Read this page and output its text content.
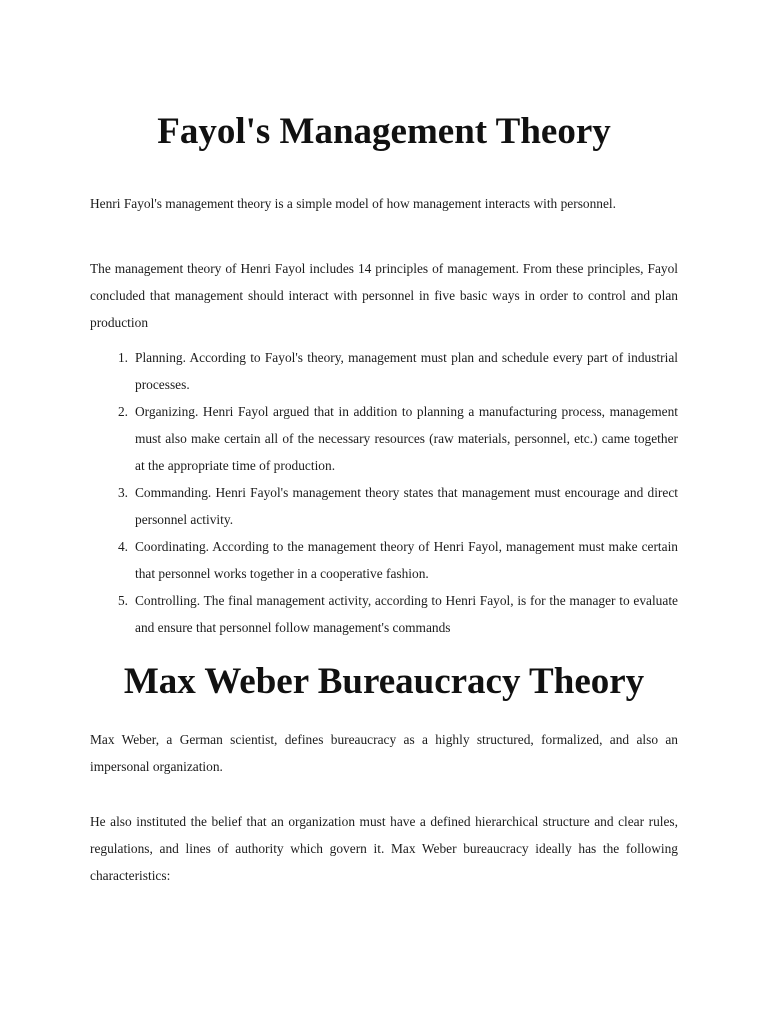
Fayol's Management Theory

Henri Fayol's management theory is a simple model of how management interacts with personnel.

The management theory of Henri Fayol includes 14 principles of management. From these principles, Fayol concluded that management should interact with personnel in five basic ways in order to control and plan production

1. Planning. According to Fayol's theory, management must plan and schedule every part of industrial processes.
2. Organizing. Henri Fayol argued that in addition to planning a manufacturing process, management must also make certain all of the necessary resources (raw materials, personnel, etc.) came together at the appropriate time of production.
3. Commanding. Henri Fayol's management theory states that management must encourage and direct personnel activity.
4. Coordinating. According to the management theory of Henri Fayol, management must make certain that personnel works together in a cooperative fashion.
5. Controlling. The final management activity, according to Henri Fayol, is for the manager to evaluate and ensure that personnel follow management's commands
Max Weber Bureaucracy Theory

Max Weber, a German scientist, defines bureaucracy as a highly structured, formalized, and also an impersonal organization.

He also instituted the belief that an organization must have a defined hierarchical structure and clear rules, regulations, and lines of authority which govern it. Max Weber bureaucracy ideally has the following characteristics:
